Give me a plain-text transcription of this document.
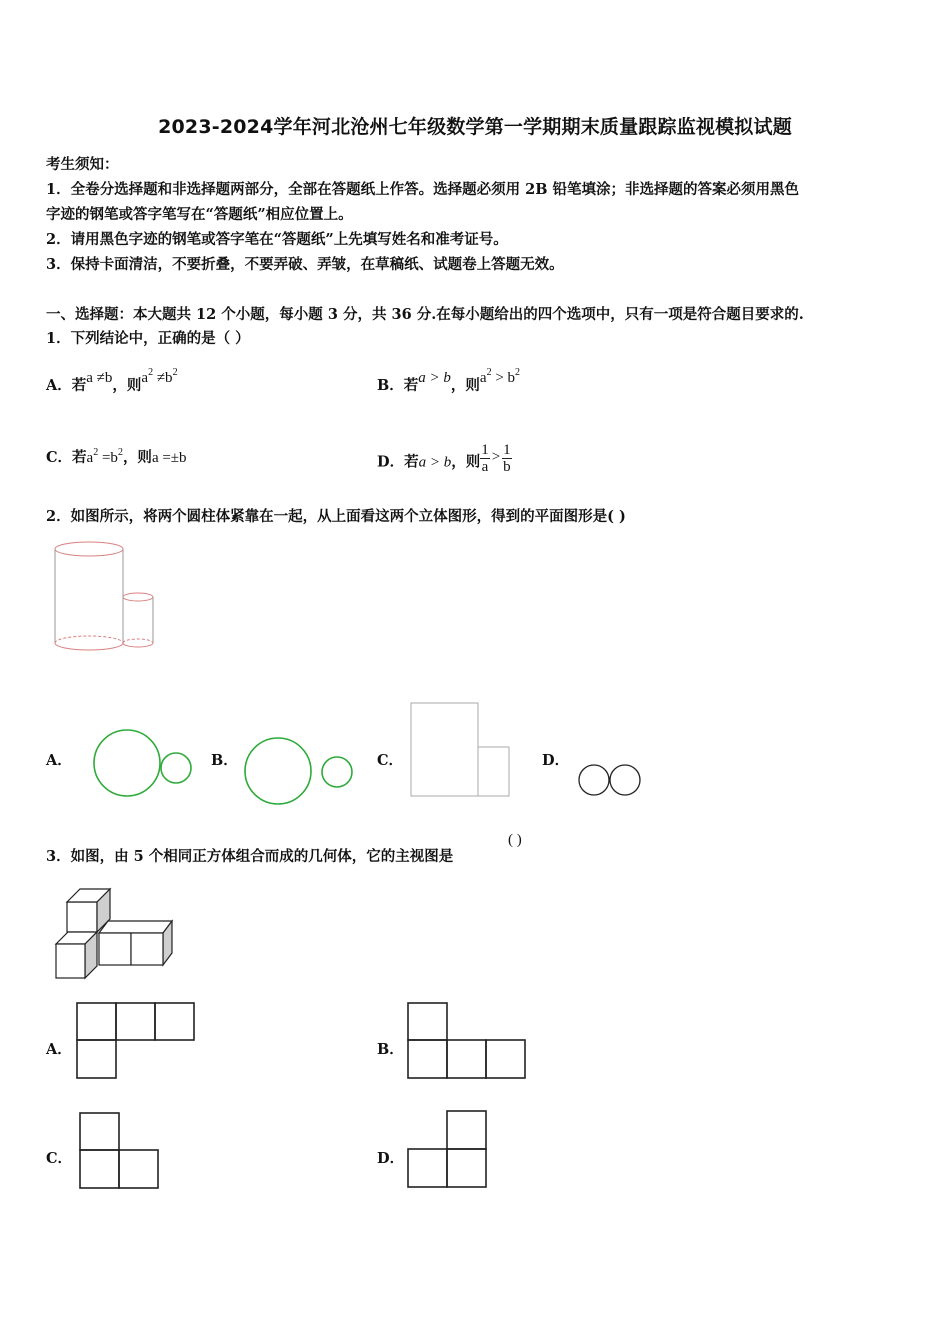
2023-2024学年河北沧州七年级数学第一学期期末质量跟踪监视模拟试题
考生须知：
1．全卷分选择题和非选择题两部分，全部在答题纸上作答。选择题必须用 2B 铅笔填涂；非选择题的答案必须用黑色
字迹的钢笔或答字笔写在“答题纸”相应位置上。
2．请用黑色字迹的钢笔或答字笔在“答题纸”上先填写姓名和准考证号。
3．保持卡面清洁，不要折叠，不要弄破、弄皱，在草稿纸、试题卷上答题无效。
一、选择题：本大题共 12 个小题，每小题 3 分，共 36 分.在每小题给出的四个选项中，只有一项是符合题目要求的.
1．下列结论中，正确的是（ ）
A．若a ≠b，则$a^2 \ne b^2$
B．若a > b，则$a^2 > b^2$
C．若$a^2 =b^2$，则a =±b	D．若a > b，则 $\frac{1}{a} > \frac{1}{b}$
2．如图所示，将两个圆柱体紧靠在一起，从上面看这两个立体图形，得到的平面图形是( )
A．	B．	C．	D．
3．如图，由 5 个相同正方体组合而成的几何体，它的主视图是
( )
A．	B．
C．	D．
